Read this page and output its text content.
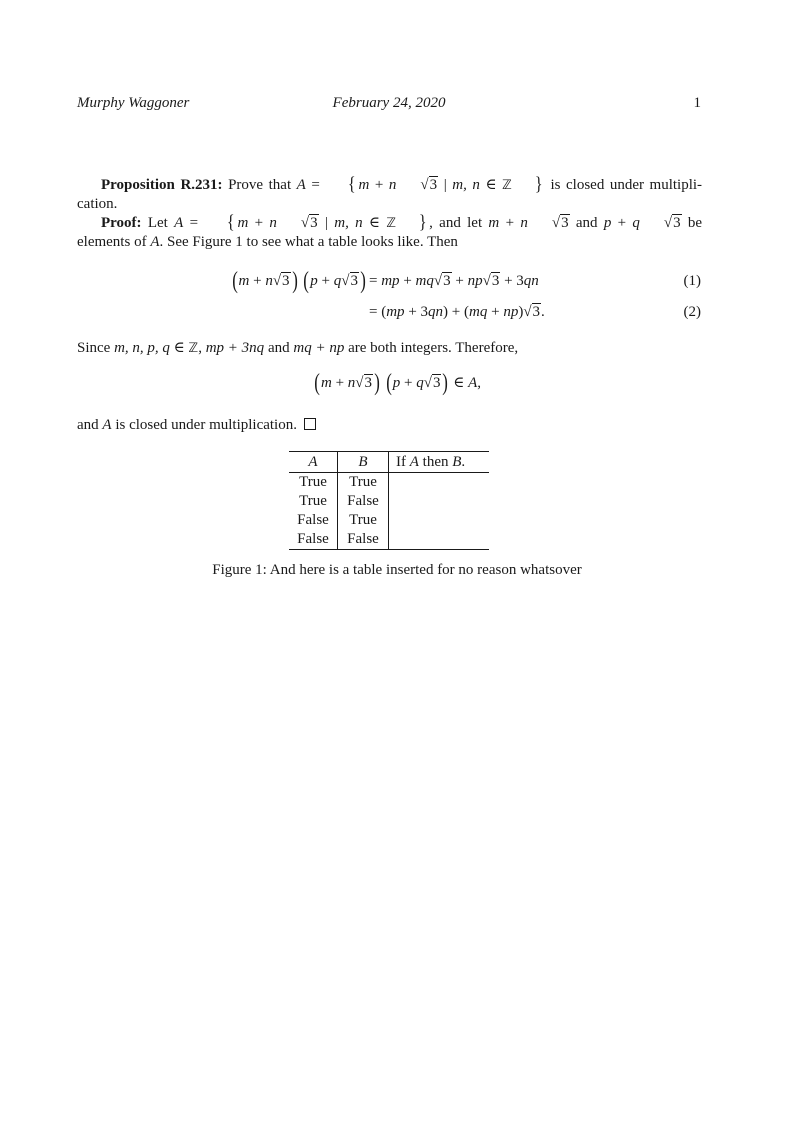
Murphy Waggoner	February 24, 2020	1
Proposition R.231: Prove that A = { m + n √3 | m, n ∈ ℤ } is closed under multipli- cation.
Proof: Let A = { m + n √3 | m, n ∈ ℤ } , and let m + n √3 and p + q √3 be elements of A. See Figure 1 to see what a table looks like. Then
(m + n√3) (p + q√3) = mp + mq√3 + np√3 + 3qn	(1)
= (mp + 3qn) + (mq + np)√3.	(2)
Since m, n, p, q ∈ ℤ, mp + 3nq and mq + np are both integers. Therefore,
(m + n√3) (p + q√3) ∈ A,
and A is closed under multiplication.
A	B	If A then B.
True	True	
True	False	
False	True	
False	False	
Figure 1: And here is a table inserted for no reason whatsover
